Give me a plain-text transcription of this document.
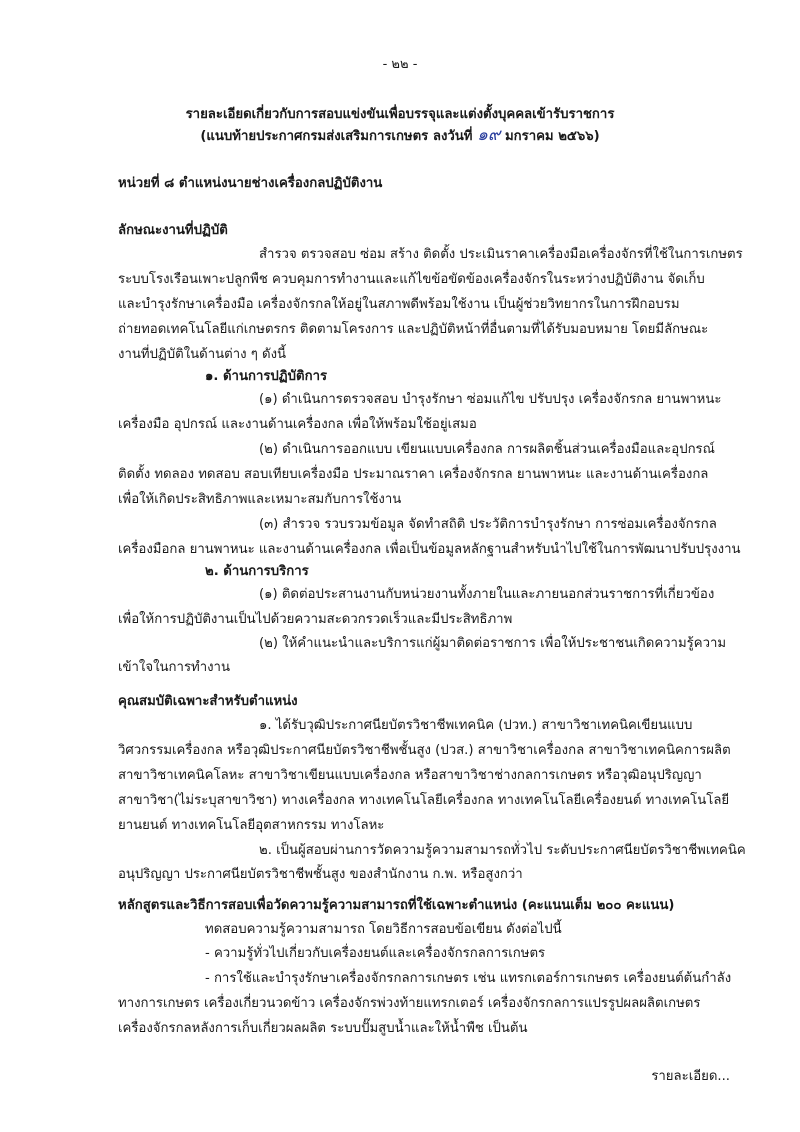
- ๒๒ -
รายละเอียดเกี่ยวกับการสอบแข่งขันเพื่อบรรจุและแต่งตั้งบุคคลเข้ารับราชการ
(แนบท้ายประกาศกรมส่งเสริมการเกษตร ลงวันที่ ๑๙ มกราคม ๒๕๖๖)
หน่วยที่ ๘ ตำแหน่งนายช่างเครื่องกลปฏิบัติงาน
ลักษณะงานที่ปฏิบัติ
สำรวจ ตรวจสอบ ซ่อม สร้าง ติดตั้ง ประเมินราคาเครื่องมือเครื่องจักรที่ใช้ในการเกษตร
ระบบโรงเรือนเพาะปลูกพืช ควบคุมการทำงานและแก้ไขข้อขัดข้องเครื่องจักรในระหว่างปฏิบัติงาน จัดเก็บ
และบำรุงรักษาเครื่องมือ เครื่องจักรกลให้อยู่ในสภาพดีพร้อมใช้งาน เป็นผู้ช่วยวิทยากรในการฝึกอบรม
ถ่ายทอดเทคโนโลยีแก่เกษตรกร ติดตามโครงการ และปฏิบัติหน้าที่อื่นตามที่ได้รับมอบหมาย โดยมีลักษณะ
งานที่ปฏิบัติในด้านต่าง ๆ ดังนี้
๑. ด้านการปฏิบัติการ
(๑) ดำเนินการตรวจสอบ บำรุงรักษา ซ่อมแก้ไข ปรับปรุง เครื่องจักรกล ยานพาหนะ
เครื่องมือ อุปกรณ์ และงานด้านเครื่องกล เพื่อให้พร้อมใช้อยู่เสมอ
(๒) ดำเนินการออกแบบ เขียนแบบเครื่องกล การผลิตชิ้นส่วนเครื่องมือและอุปกรณ์
ติดตั้ง ทดลอง ทดสอบ สอบเทียบเครื่องมือ ประมาณราคา เครื่องจักรกล ยานพาหนะ และงานด้านเครื่องกล
เพื่อให้เกิดประสิทธิภาพและเหมาะสมกับการใช้งาน
(๓) สำรวจ รวบรวมข้อมูล จัดทำสถิติ ประวัติการบำรุงรักษา การซ่อมเครื่องจักรกล
เครื่องมือกล ยานพาหนะ และงานด้านเครื่องกล เพื่อเป็นข้อมูลหลักฐานสำหรับนำไปใช้ในการพัฒนาปรับปรุงงาน
๒. ด้านการบริการ
(๑) ติดต่อประสานงานกับหน่วยงานทั้งภายในและภายนอกส่วนราชการที่เกี่ยวข้อง
เพื่อให้การปฏิบัติงานเป็นไปด้วยความสะดวกรวดเร็วและมีประสิทธิภาพ
(๒) ให้คำแนะนำและบริการแก่ผู้มาติดต่อราชการ เพื่อให้ประชาชนเกิดความรู้ความ
เข้าใจในการทำงาน
คุณสมบัติเฉพาะสำหรับตำแหน่ง
๑. ได้รับวุฒิประกาศนียบัตรวิชาชีพเทคนิค (ปวท.) สาขาวิชาเทคนิคเขียนแบบ
วิศวกรรมเครื่องกล หรือวุฒิประกาศนียบัตรวิชาชีพชั้นสูง (ปวส.) สาขาวิชาเครื่องกล สาขาวิชาเทคนิคการผลิต
สาขาวิชาเทคนิคโลหะ สาขาวิชาเขียนแบบเครื่องกล หรือสาขาวิชาช่างกลการเกษตร หรือวุฒิอนุปริญญา
สาขาวิชา(ไม่ระบุสาขาวิชา) ทางเครื่องกล ทางเทคโนโลยีเครื่องกล ทางเทคโนโลยีเครื่องยนต์ ทางเทคโนโลยี
ยานยนต์ ทางเทคโนโลยีอุตสาหกรรม ทางโลหะ
๒. เป็นผู้สอบผ่านการวัดความรู้ความสามารถทั่วไป ระดับประกาศนียบัตรวิชาชีพเทคนิค
อนุปริญญา ประกาศนียบัตรวิชาชีพชั้นสูง ของสำนักงาน ก.พ. หรือสูงกว่า
หลักสูตรและวิธีการสอบเพื่อวัดความรู้ความสามารถที่ใช้เฉพาะตำแหน่ง (คะแนนเต็ม ๒๐๐ คะแนน)
ทดสอบความรู้ความสามารถ โดยวิธีการสอบข้อเขียน ดังต่อไปนี้
- ความรู้ทั่วไปเกี่ยวกับเครื่องยนต์และเครื่องจักรกลการเกษตร
- การใช้และบำรุงรักษาเครื่องจักรกลการเกษตร เช่น แทรกเตอร์การเกษตร เครื่องยนต์ต้นกำลัง
ทางการเกษตร เครื่องเกี่ยวนวดข้าว เครื่องจักรพ่วงท้ายแทรกเตอร์ เครื่องจักรกลการแปรรูปผลผลิตเกษตร
เครื่องจักรกลหลังการเก็บเกี่ยวผลผลิต ระบบปั๊มสูบน้ำและให้น้ำพืช เป็นต้น
รายละเอียด...
